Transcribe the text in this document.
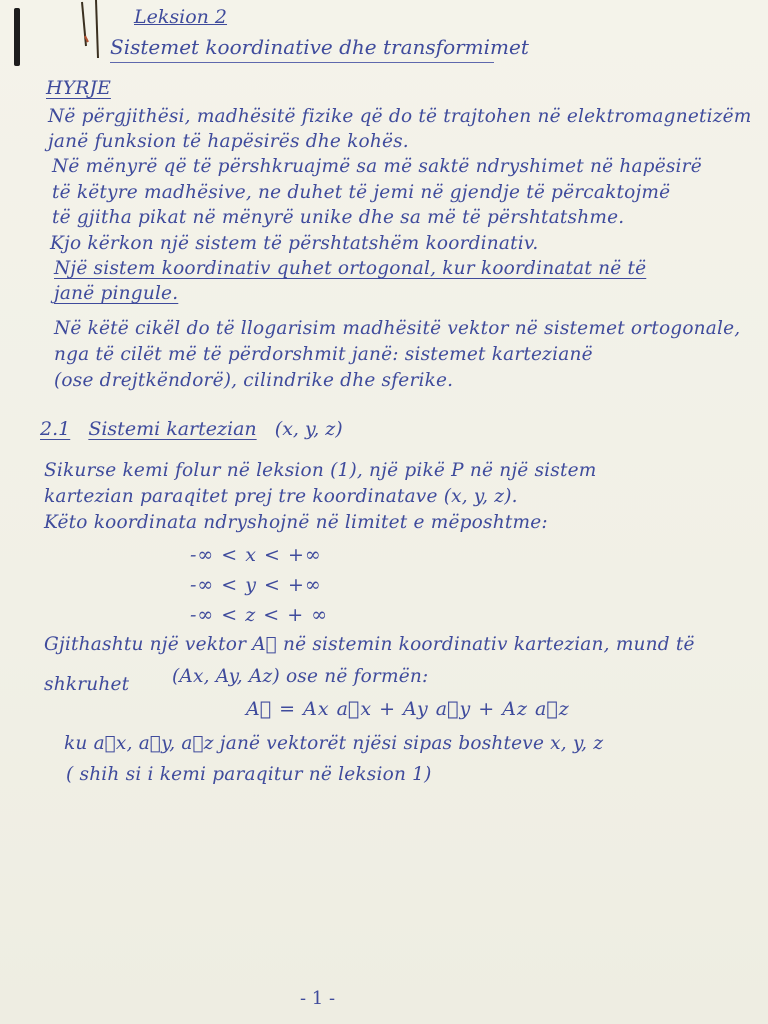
Leksion 2
Sistemet koordinative dhe transformimet
HYRJE
Në përgjithësi, madhësitë fizike që do të trajtohen në elektromagnetizëm
janë funksion të hapësirës dhe kohës.
Në mënyrë që të përshkruajmë sa më saktë ndryshimet në hapësirë
të këtyre madhësive, ne duhet të jemi në gjendje të përcaktojmë
të gjitha pikat në mënyrë unike dhe sa më të përshtatshme.
Kjo kërkon një sistem të përshtatshëm koordinativ.
Një sistem koordinativ quhet ortogonal, kur koordinatat në të
janë pingule.
Në këtë cikël do të llogarisim madhësitë vektor në sistemet ortogonale,
nga të cilët më të përdorshmit janë: sistemet kartezianë
(ose drejtkëndorë), cilindrike dhe sferike.
2.1 Sistemi kartezian (x, y, z)
Sikurse kemi folur në leksion (1), një pikë P në një sistem
kartezian paraqitet prej tre koordinatave (x, y, z).
Këto koordinata ndryshojnë në limitet e mëposhtme:
-∞ < x < +∞
-∞ < y < +∞
-∞ < z < + ∞
Gjithashtu një vektor A⃗ në sistemin koordinativ kartezian, mund të
shkruhet (Ax, Ay, Az) ose në formën:
A⃗ = Ax a⃗x + Ay a⃗y + Az a⃗z
ku a⃗x, a⃗y, a⃗z janë vektorët njësi sipas boshteve x, y, z
( shih si i kemi paraqitur në leksion 1)
- 1 -
